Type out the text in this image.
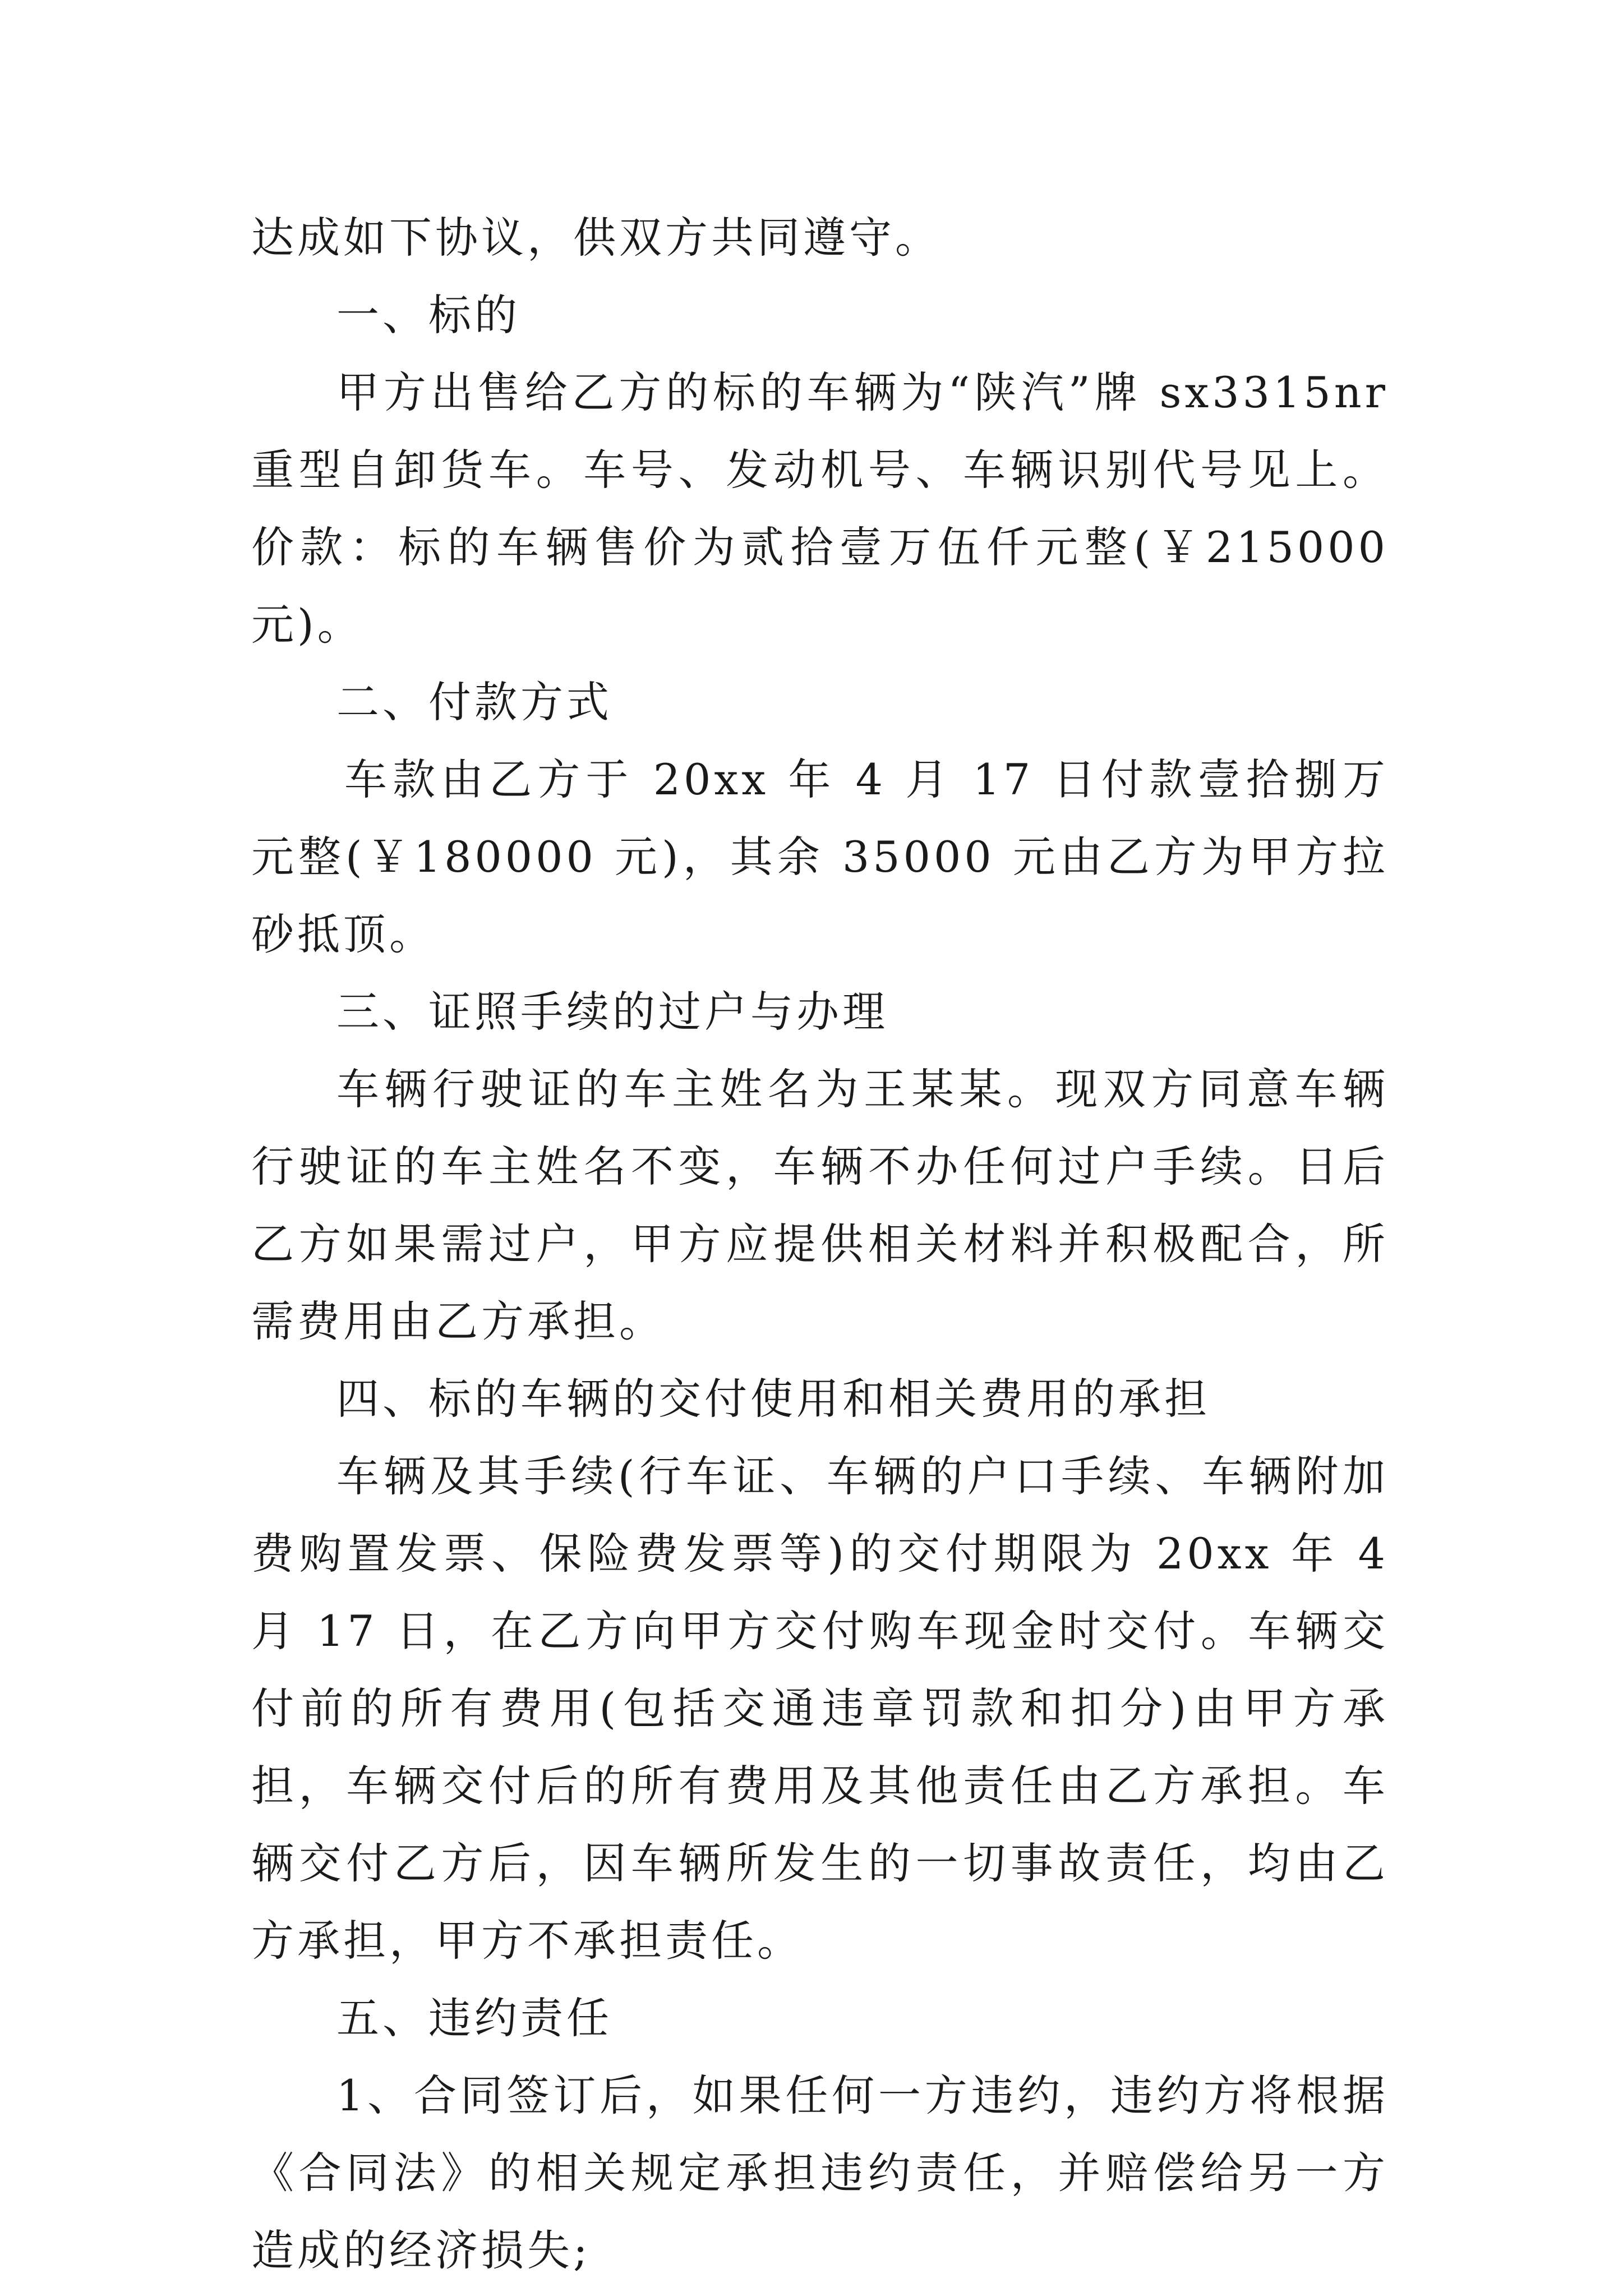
达成如下协议，供双方共同遵守。

一、标的

甲方出售给乙方的标的车辆为“陕汽”牌 sx3315nr 重型自卸货车。车号、发动机号、车辆识别代号见上。价款：标的车辆售价为贰拾壹万伍仟元整(￥215000 元)。

二、付款方式

车款由乙方于 20xx 年 4 月 17 日付款壹拾捌万元整(￥180000 元)，其余 35000 元由乙方为甲方拉砂抵顶。

三、证照手续的过户与办理

车辆行驶证的车主姓名为王某某。现双方同意车辆行驶证的车主姓名不变，车辆不办任何过户手续。日后乙方如果需过户，甲方应提供相关材料并积极配合，所需费用由乙方承担。

四、标的车辆的交付使用和相关费用的承担

车辆及其手续(行车证、车辆的户口手续、车辆附加费购置发票、保险费发票等)的交付期限为 20xx 年 4 月 17 日，在乙方向甲方交付购车现金时交付。车辆交付前的所有费用(包括交通违章罚款和扣分)由甲方承担，车辆交付后的所有费用及其他责任由乙方承担。车辆交付乙方后，因车辆所发生的一切事故责任，均由乙方承担，甲方不承担责任。

五、违约责任

1、合同签订后，如果任何一方违约，违约方将根据《合同法》的相关规定承担违约责任，并赔偿给另一方造成的经济损失;
